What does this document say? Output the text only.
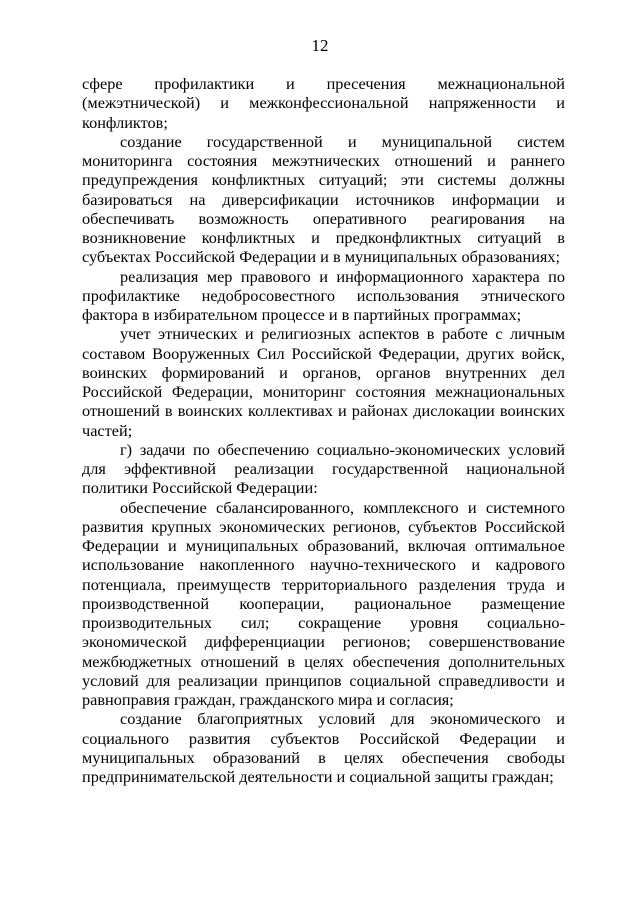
12

сфере профилактики и пресечения межнациональной (межэтнической) и межконфессиональной напряженности и конфликтов;

создание государственной и муниципальной систем мониторинга состояния межэтнических отношений и раннего предупреждения конфликтных ситуаций; эти системы должны базироваться на диверсификации источников информации и обеспечивать возможность оперативного реагирования на возникновение конфликтных и предконфликтных ситуаций в субъектах Российской Федерации и в муниципальных образованиях;

реализация мер правового и информационного характера по профилактике недобросовестного использования этнического фактора в избирательном процессе и в партийных программах;

учет этнических и религиозных аспектов в работе с личным составом Вооруженных Сил Российской Федерации, других войск, воинских формирований и органов, органов внутренних дел Российской Федерации, мониторинг состояния межнациональных отношений в воинских коллективах и районах дислокации воинских частей;

г) задачи по обеспечению социально-экономических условий для эффективной реализации государственной национальной политики Российской Федерации:

обеспечение сбалансированного, комплексного и системного развития крупных экономических регионов, субъектов Российской Федерации и муниципальных образований, включая оптимальное использование накопленного научно-технического и кадрового потенциала, преимуществ территориального разделения труда и производственной кооперации, рациональное размещение производительных сил; сокращение уровня социально-экономической дифференциации регионов; совершенствование межбюджетных отношений в целях обеспечения дополнительных условий для реализации принципов социальной справедливости и равноправия граждан, гражданского мира и согласия;

создание благоприятных условий для экономического и социального развития субъектов Российской Федерации и муниципальных образований в целях обеспечения свободы предпринимательской деятельности и социальной защиты граждан;
